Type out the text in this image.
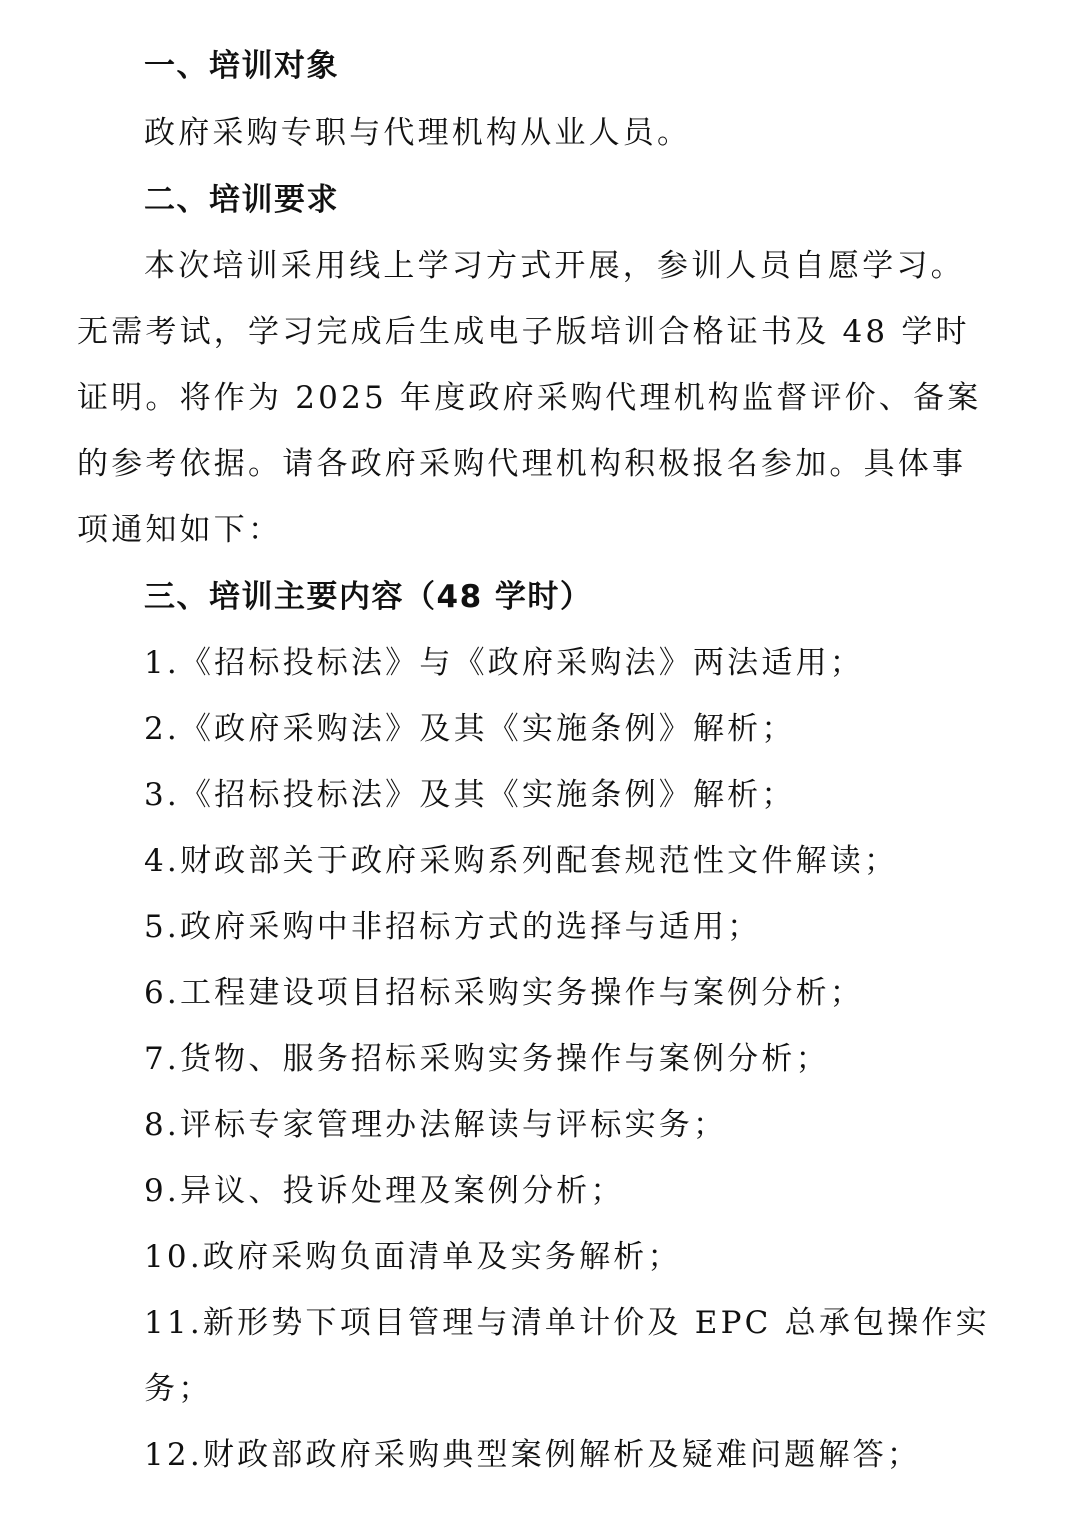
一、培训对象
政府采购专职与代理机构从业人员。
二、培训要求
本次培训采用线上学习方式开展，参训人员自愿学习。
无需考试，学习完成后生成电子版培训合格证书及 48 学时
证明。将作为 2025 年度政府采购代理机构监督评价、备案
的参考依据。请各政府采购代理机构积极报名参加。具体事
项通知如下：
三、培训主要内容（48 学时）
1.《招标投标法》与《政府采购法》两法适用；
2.《政府采购法》及其《实施条例》解析；
3.《招标投标法》及其《实施条例》解析；
4.财政部关于政府采购系列配套规范性文件解读；
5.政府采购中非招标方式的选择与适用；
6.工程建设项目招标采购实务操作与案例分析；
7.货物、服务招标采购实务操作与案例分析；
8.评标专家管理办法解读与评标实务；
9.异议、投诉处理及案例分析；
10.政府采购负面清单及实务解析；
11.新形势下项目管理与清单计价及 EPC 总承包操作实
务；
12.财政部政府采购典型案例解析及疑难问题解答；
